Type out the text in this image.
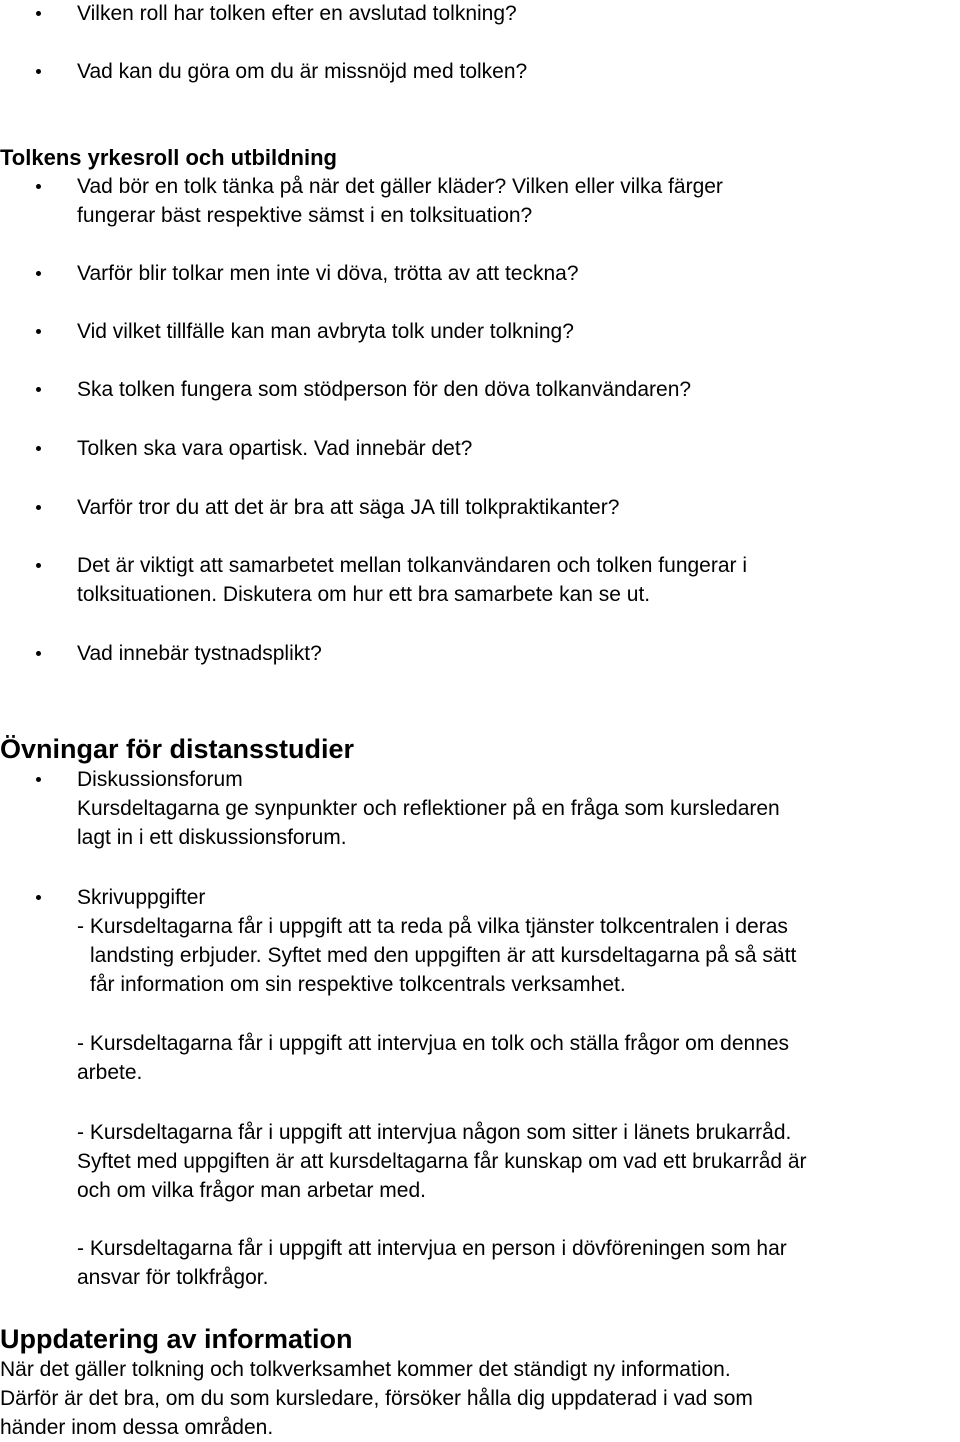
Vilken roll har tolken efter en avslutad tolkning?
Vad kan du göra om du är missnöjd med tolken?
Tolkens yrkesroll och utbildning
Vad bör en tolk tänka på när det gäller kläder? Vilken eller vilka färger
fungerar bäst respektive sämst i en tolksituation?
Varför blir tolkar men inte vi döva, trötta av att teckna?
Vid vilket tillfälle kan man avbryta tolk under tolkning?
Ska tolken fungera som stödperson för den döva tolkanvändaren?
Tolken ska vara opartisk. Vad innebär det?
Varför tror du att det är bra att säga JA till tolkpraktikanter?
Det är viktigt att samarbetet mellan tolkanvändaren och tolken fungerar i
tolksituationen. Diskutera om hur ett bra samarbete kan se ut.
Vad innebär tystnadsplikt?
Övningar för distansstudier
Diskussionsforum
Kursdeltagarna ge synpunkter och reflektioner på en fråga som kursledaren
lagt in i ett diskussionsforum.
Skrivuppgifter
- Kursdeltagarna får i uppgift att ta reda på vilka tjänster tolkcentralen i deras
landsting erbjuder. Syftet med den uppgiften är att kursdeltagarna på så sätt
får information om sin respektive tolkcentrals verksamhet.
- Kursdeltagarna får i uppgift att intervjua en tolk och ställa frågor om dennes
arbete.
- Kursdeltagarna får i uppgift att intervjua någon som sitter i länets brukarråd.
Syftet med uppgiften är att kursdeltagarna får kunskap om vad ett brukarråd är
och om vilka frågor man arbetar med.
- Kursdeltagarna får i uppgift att intervjua en person i dövföreningen som har
ansvar för tolkfrågor.
Uppdatering av information
När det gäller tolkning och tolkverksamhet kommer det ständigt ny information.
Därför är det bra, om du som kursledare, försöker hålla dig uppdaterad i vad som
händer inom dessa områden.
